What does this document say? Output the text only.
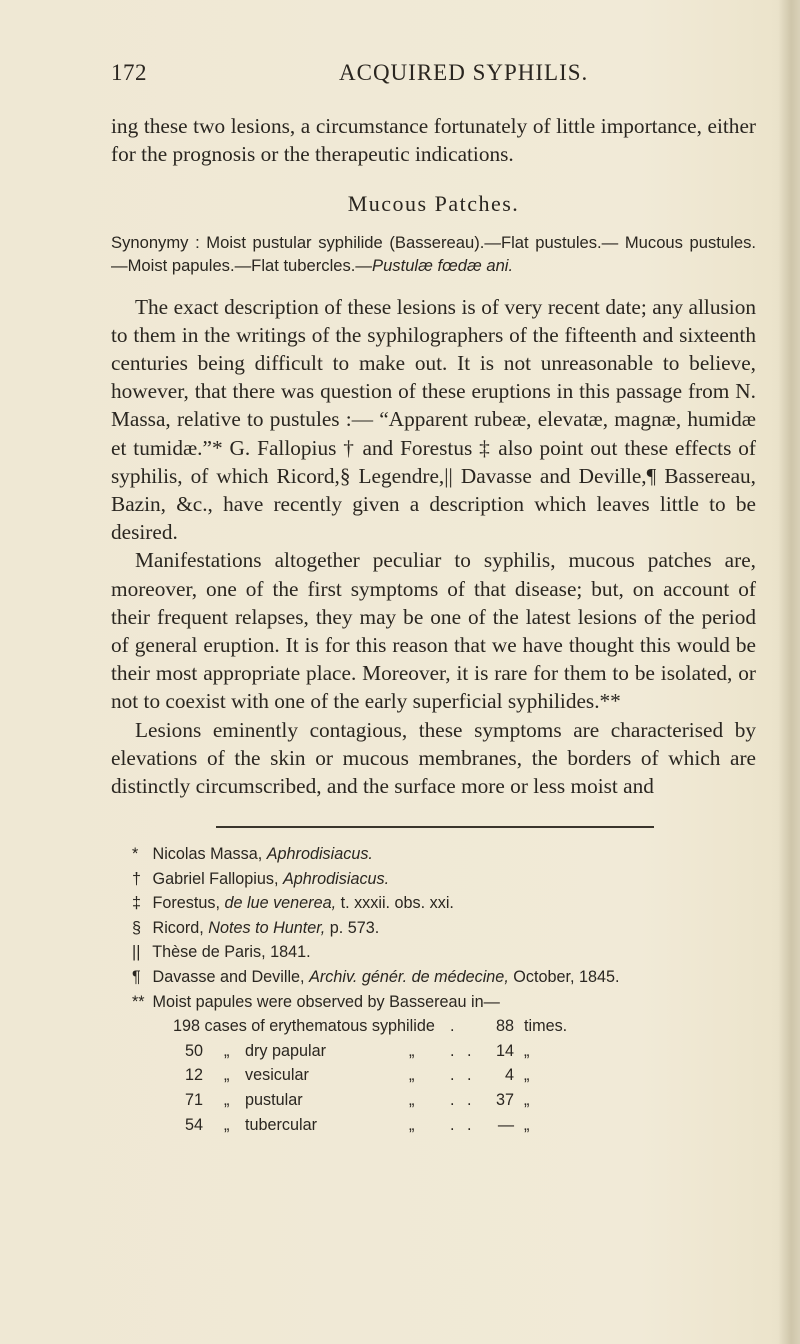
172	ACQUIRED SYPHILIS.

ing these two lesions, a circumstance fortunately of little importance, either for the prognosis or the therapeutic indications.

Mucous Patches.

Synonymy : Moist pustular syphilide (Bassereau).—Flat pustules.— Mucous pustules.—Moist papules.—Flat tubercles.—Pustulæ fœdæ ani.

The exact description of these lesions is of very recent date; any allusion to them in the writings of the syphilographers of the fifteenth and sixteenth centuries being difficult to make out. It is not unreasonable to believe, however, that there was question of these eruptions in this passage from N. Massa, relative to pustules :— “Apparent rubeæ, elevatæ, magnæ, humidæ et tumidæ.”* G. Fallopius † and Forestus ‡ also point out these effects of syphilis, of which Ricord,§ Legendre,|| Davasse and Deville,¶ Bassereau, Bazin, &c., have recently given a description which leaves little to be desired.

Manifestations altogether peculiar to syphilis, mucous patches are, moreover, one of the first symptoms of that disease; but, on account of their frequent relapses, they may be one of the latest lesions of the period of general eruption. It is for this reason that we have thought this would be their most appropriate place. Moreover, it is rare for them to be isolated, or not to coexist with one of the early superficial syphilides.**

Lesions eminently contagious, these symptoms are characterised by elevations of the skin or mucous membranes, the borders of which are distinctly circumscribed, and the surface more or less moist and

* Nicolas Massa, Aphrodisiacus.
† Gabriel Fallopius, Aphrodisiacus.
‡ Forestus, de lue venerea, t. xxxii. obs. xxi.
§ Ricord, Notes to Hunter, p. 573.
|| Thèse de Paris, 1841.
¶ Davasse and Deville, Archiv. génér. de médecine, October, 1845.
** Moist papules were observed by Bassereau in—
198 cases of erythematous syphilide .	88 times.
50 „ dry papular	„ . .	14 „
12 „ vesicular	„ . .	4 „
71 „ pustular	„ . .	37 „
54 „ tubercular	„ . .	— „
